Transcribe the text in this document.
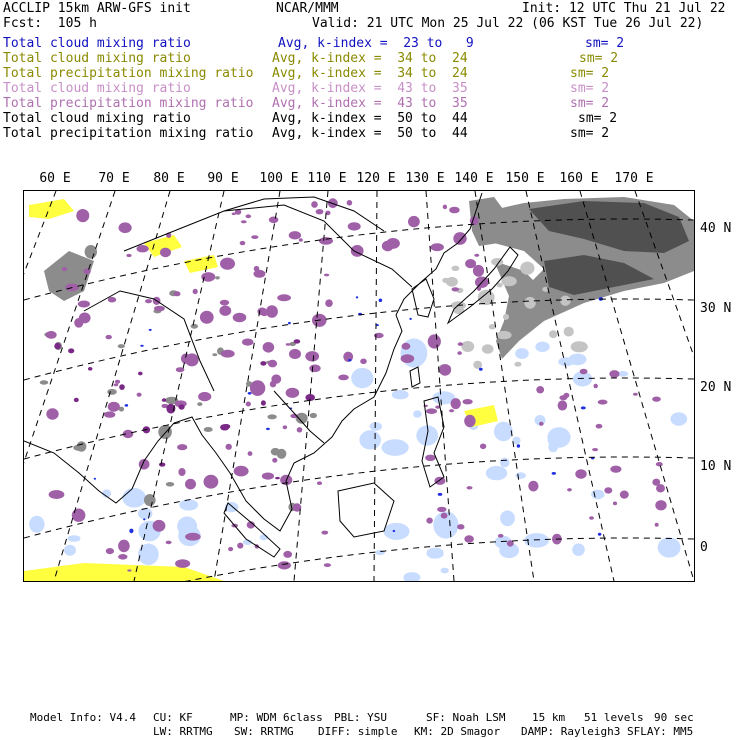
ACCLIP 15km ARW-GFS init	NCAR/MMM	Init: 12 UTC Thu 21 Jul 22
Fcst:  105 h	Valid: 21 UTC Mon 25 Jul 22 (06 KST Tue 26 Jul 22)
Total cloud mixing ratio	Avg, k-index =  23 to   9	sm= 2
Total cloud mixing ratio	Avg, k-index =  34 to  24	sm= 2
Total precipitation mixing ratio Avg, k-index =  34 to  24	sm= 2
Total cloud mixing ratio	Avg, k-index =  43 to  35	sm= 2
Total precipitation mixing ratio Avg, k-index =  43 to  35	sm= 2
Total cloud mixing ratio	Avg, k-index =  50 to  44	sm= 2
Total precipitation mixing ratio Avg, k-index =  50 to  44	sm= 2
60 E 70 E 80 E 90 E 100 E 110 E 120 E 130 E 140 E 150 E 160 E 170 E
40 N
30 N
20 N
10 N
0
Model Info: V4.4 CU: KF	MP: WDM 6class PBL: YSU	SF: Noah LSM 15 km 51 levels 90 sec
LW: RRTMG SW: RRTMG DIFF: simple KM: 2D Smagor DAMP: Rayleigh3 SFLAY: MM5
